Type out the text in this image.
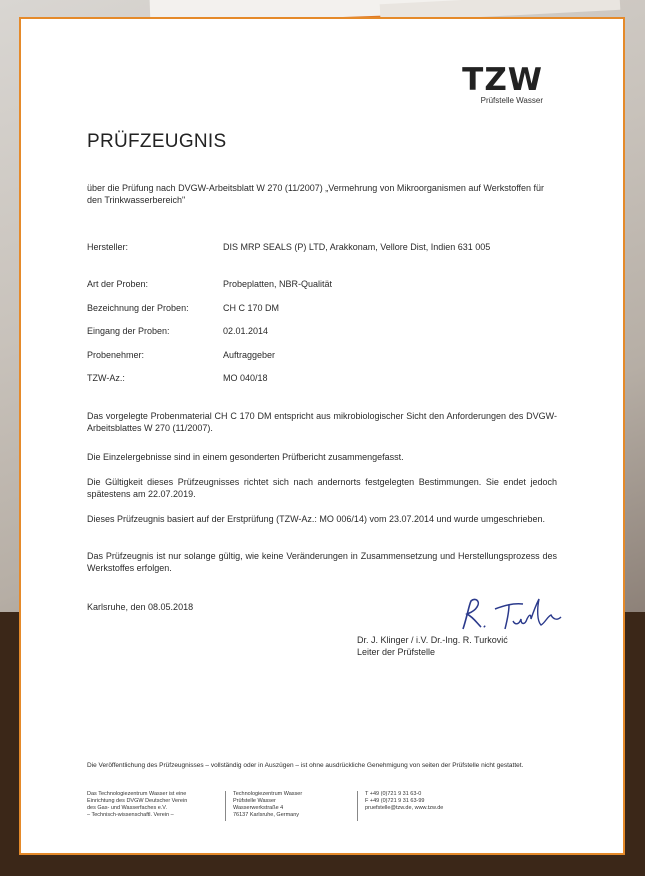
TZW
Prüfstelle Wasser
PRÜFZEUGNIS
über die Prüfung nach DVGW-Arbeitsblatt W 270 (11/2007) „Vermehrung von Mikroorganismen auf Werkstoffen für den Trinkwasserbereich"
Hersteller:	DIS MRP SEALS (P) LTD, Arakkonam, Vellore Dist, Indien 631 005
Art der Proben:	Probeplatten, NBR-Qualität
Bezeichnung der Proben:	CH C 170 DM
Eingang der Proben:	02.01.2014
Probenehmer:	Auftraggeber
TZW-Az.:	MO 040/18
Das vorgelegte Probenmaterial CH C 170 DM entspricht aus mikrobiologischer Sicht den Anforderungen des DVGW-Arbeitsblattes W 270 (11/2007).
Die Einzelergebnisse sind in einem gesonderten Prüfbericht zusammengefasst.
Die Gültigkeit dieses Prüfzeugnisses richtet sich nach andernorts festgelegten Bestimmungen. Sie endet jedoch spätestens am 22.07.2019.
Dieses Prüfzeugnis basiert auf der Erstprüfung (TZW-Az.: MO 006/14) vom 23.07.2014 und wurde umgeschrieben.
Das Prüfzeugnis ist nur solange gültig, wie keine Veränderungen in Zusammensetzung und Herstellungsprozess des Werkstoffes erfolgen.
Karlsruhe, den 08.05.2018
Dr. J. Klinger / i.V. Dr.-Ing. R. Turković
Leiter der Prüfstelle
Die Veröffentlichung des Prüfzeugnisses – vollständig oder in Auszügen – ist ohne ausdrückliche Genehmigung von seiten der Prüfstelle nicht gestattet.
Das Technologiezentrum Wasser ist eine
Einrichtung des DVGW Deutscher Verein
des Gas- und Wasserfaches e.V.
– Technisch-wissenschaftl. Verein –
Technologiezentrum Wasser
Prüfstelle Wasser
Wasserwerkstraße 4
76137 Karlsruhe, Germany
T +49 (0)721 9 31 63-0
F +49 (0)721 9 31 63-99
pruefstelle@tzw.de, www.tzw.de
